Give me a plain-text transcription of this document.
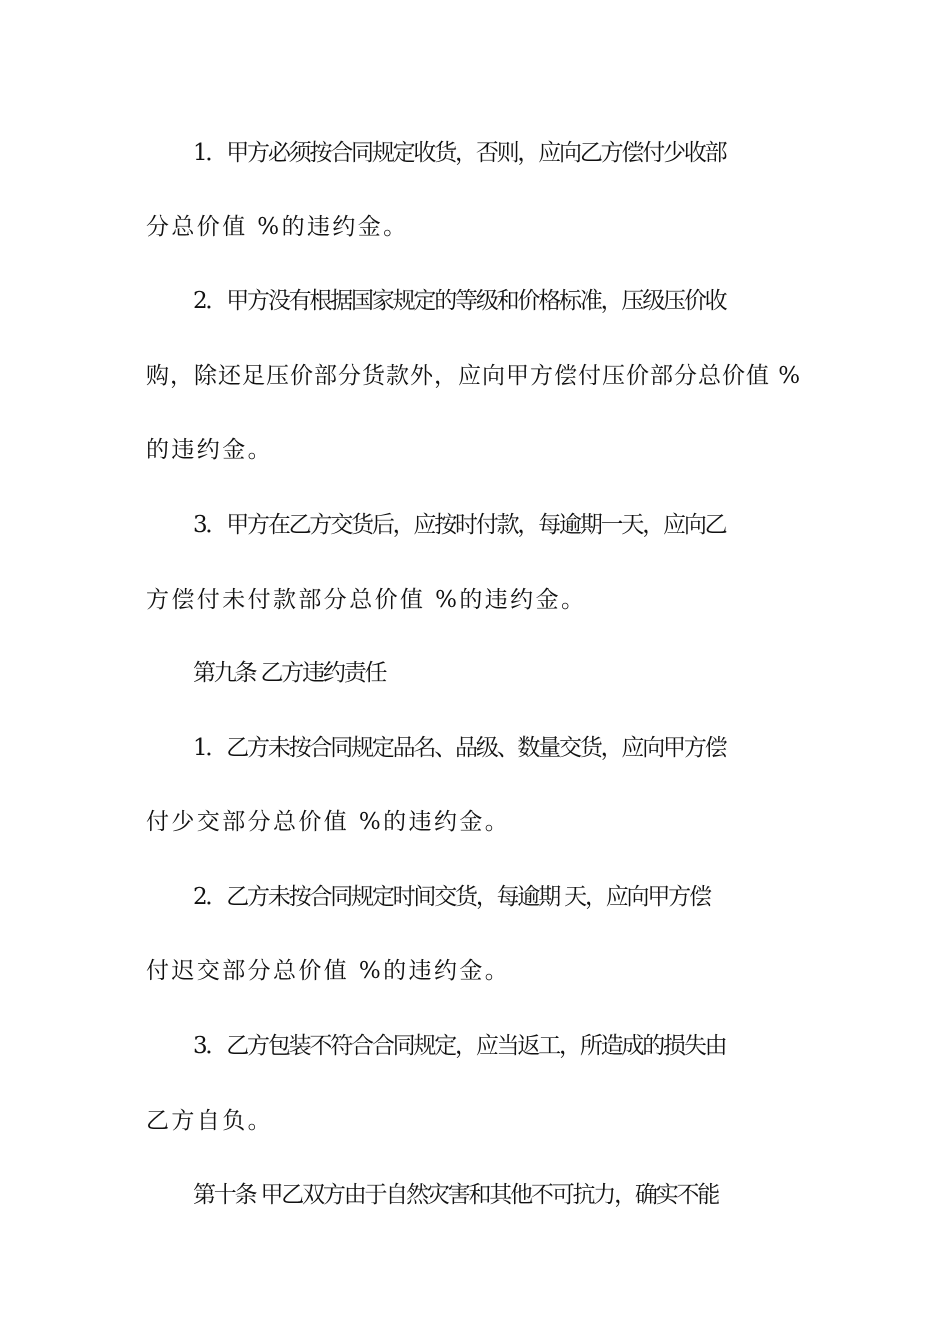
1．甲方必须按合同规定收货，否则，应向乙方偿付少收部
分总价值 %的违约金。
2．甲方没有根据国家规定的等级和价格标准，压级压价收
购，除还足压价部分货款外，应向甲方偿付压价部分总价值 %
的违约金。
3．甲方在乙方交货后，应按时付款，每逾期一天，应向乙
方偿付未付款部分总价值 %的违约金。
第九条 乙方违约责任
1．乙方未按合同规定品名、品级、数量交货，应向甲方偿
付少交部分总价值 %的违约金。
2．乙方未按合同规定时间交货，每逾期 天，应向甲方偿
付迟交部分总价值 %的违约金。
3．乙方包装不符合合同规定，应当返工，所造成的损失由
乙方自负。
第十条 甲乙双方由于自然灾害和其他不可抗力，确实不能
